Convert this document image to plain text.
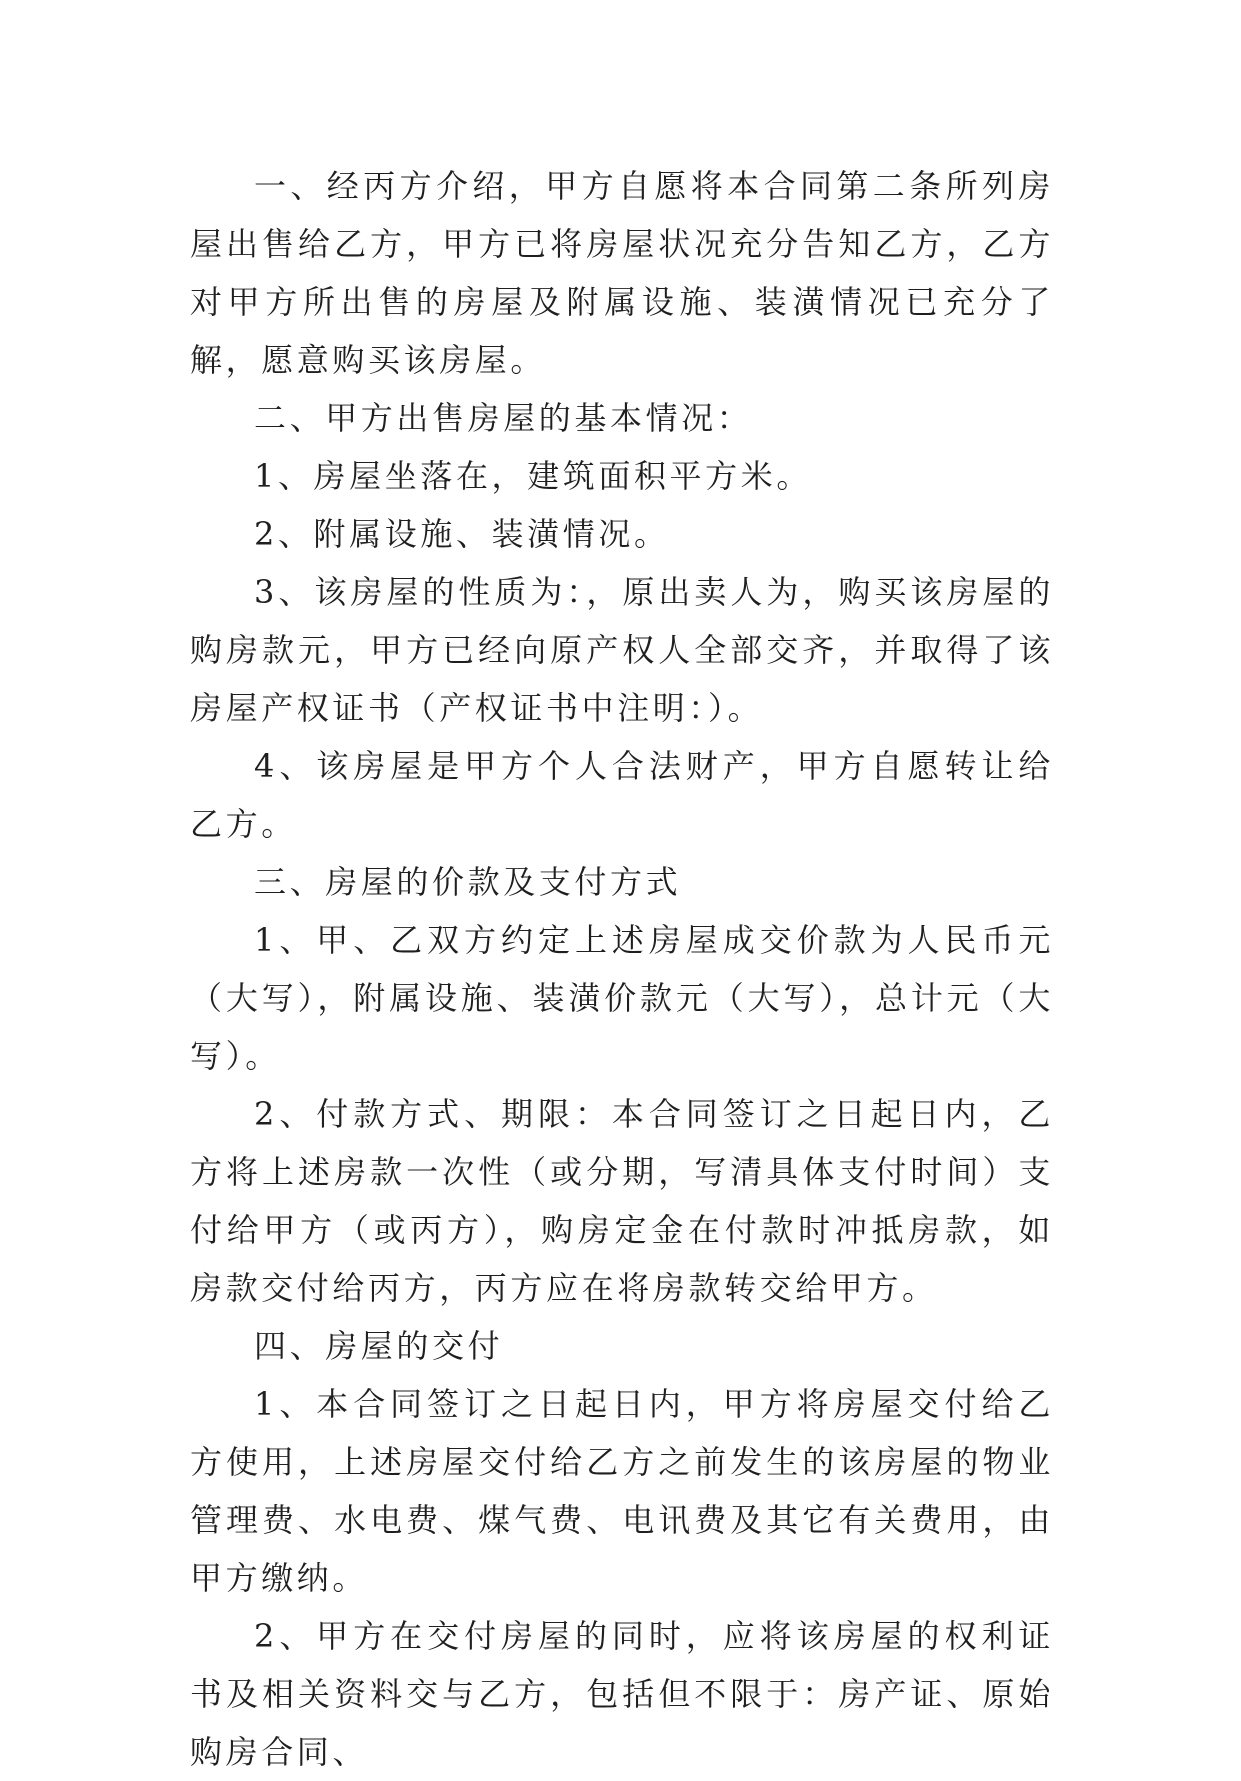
一、经丙方介绍，甲方自愿将本合同第二条所列房屋出售给乙方，甲方已将房屋状况充分告知乙方，乙方对甲方所出售的房屋及附属设施、装潢情况已充分了解，愿意购买该房屋。

二、甲方出售房屋的基本情况：

1、房屋坐落在，建筑面积平方米。

2、附属设施、装潢情况。

3、该房屋的性质为：，原出卖人为，购买该房屋的购房款元，甲方已经向原产权人全部交齐，并取得了该房屋产权证书（产权证书中注明：）。

4、该房屋是甲方个人合法财产，甲方自愿转让给乙方。

三、房屋的价款及支付方式

1、甲、乙双方约定上述房屋成交价款为人民币元（大写），附属设施、装潢价款元（大写），总计元（大写）。

2、付款方式、期限：本合同签订之日起日内，乙方将上述房款一次性（或分期，写清具体支付时间）支付给甲方（或丙方），购房定金在付款时冲抵房款，如房款交付给丙方，丙方应在将房款转交给甲方。

四、房屋的交付

1、本合同签订之日起日内，甲方将房屋交付给乙方使用，上述房屋交付给乙方之前发生的该房屋的物业管理费、水电费、煤气费、电讯费及其它有关费用，由甲方缴纳。

2、甲方在交付房屋的同时，应将该房屋的权利证书及相关资料交与乙方，包括但不限于：房产证、原始购房合同、
